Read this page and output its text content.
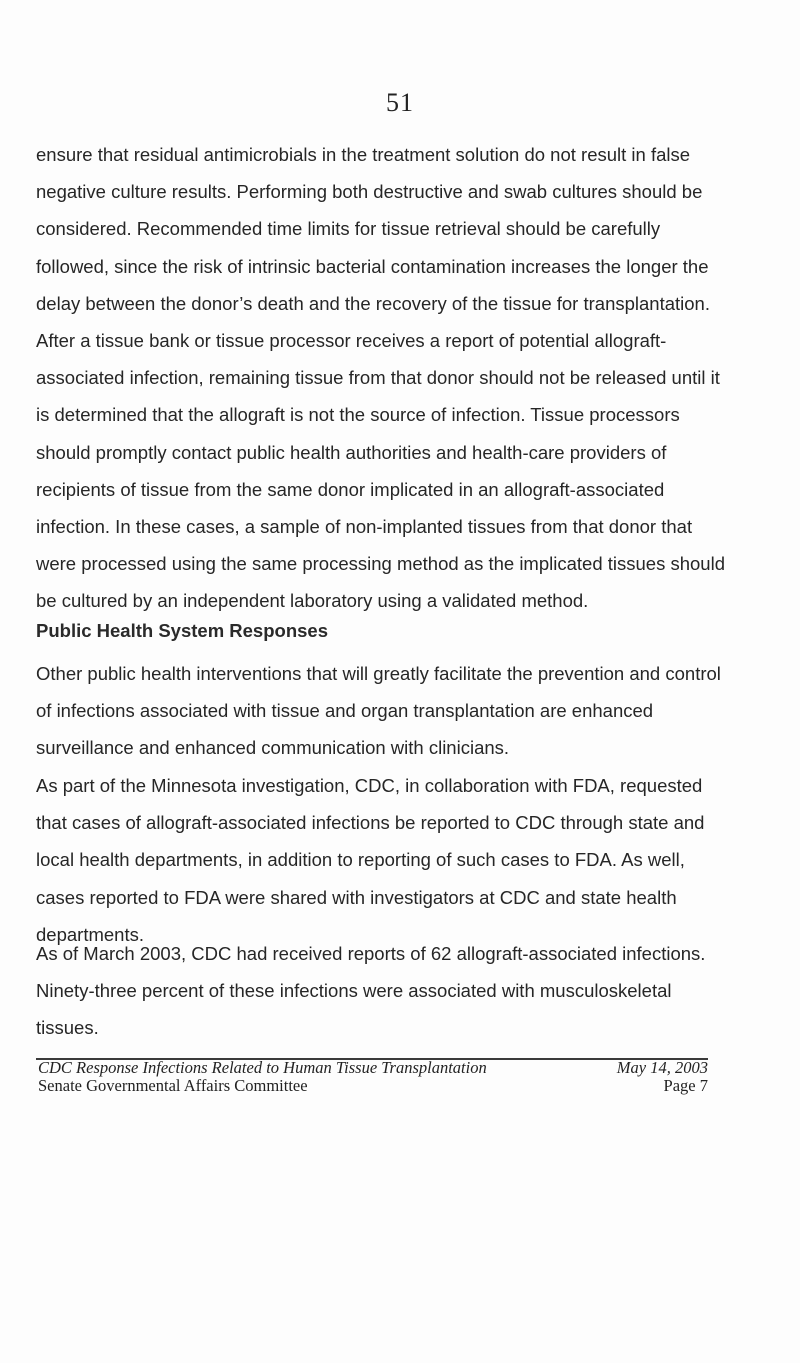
51

ensure that residual antimicrobials in the treatment solution do not result in false negative culture results. Performing both destructive and swab cultures should be considered. Recommended time limits for tissue retrieval should be carefully followed, since the risk of intrinsic bacterial contamination increases the longer the delay between the donor’s death and the recovery of the tissue for transplantation. After a tissue bank or tissue processor receives a report of potential allograft-associated infection, remaining tissue from that donor should not be released until it is determined that the allograft is not the source of infection. Tissue processors should promptly contact public health authorities and health-care providers of recipients of tissue from the same donor implicated in an allograft-associated infection. In these cases, a sample of non-implanted tissues from that donor that were processed using the same processing method as the implicated tissues should be cultured by an independent laboratory using a validated method.

Public Health System Responses

Other public health interventions that will greatly facilitate the prevention and control of infections associated with tissue and organ transplantation are enhanced surveillance and enhanced communication with clinicians.

As part of the Minnesota investigation, CDC, in collaboration with FDA, requested that cases of allograft-associated infections be reported to CDC through state and local health departments, in addition to reporting of such cases to FDA. As well, cases reported to FDA were shared with investigators at CDC and state health departments.

As of March 2003, CDC had received reports of 62 allograft-associated infections. Ninety-three percent of these infections were associated with musculoskeletal tissues.

CDC Response Infections Related to Human Tissue Transplantation	May 14, 2003
Senate Governmental Affairs Committee	Page 7
